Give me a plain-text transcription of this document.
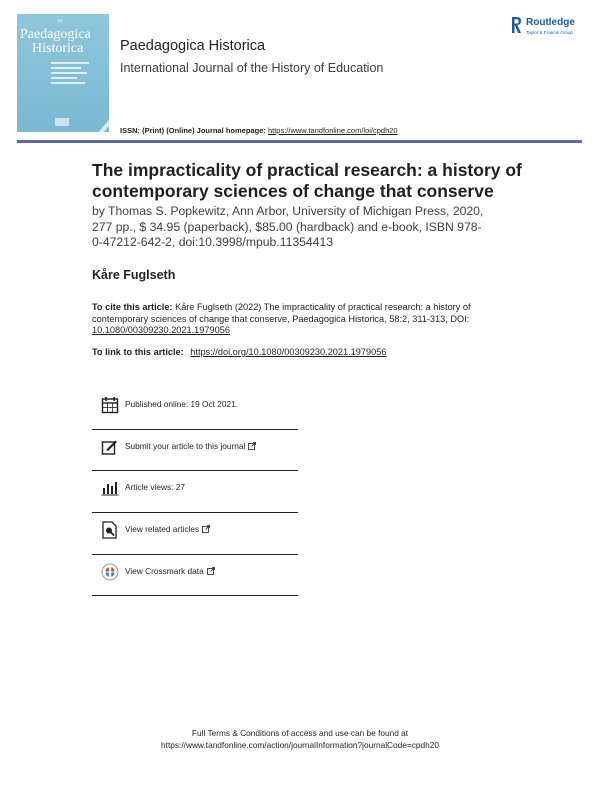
Vol.
Paedagogica
Historica	Paedagogica Historica
International Journal of the History of Education
ISSN: (Print) (Online) Journal homepage: https://www.tandfonline.com/loi/cpdh20
Routledge
Taylor & Francis Group
The impracticality of practical research: a history of contemporary sciences of change that conserve
by Thomas S. Popkewitz, Ann Arbor, University of Michigan Press, 2020, 277 pp., $ 34.95 (paperback), $85.00 (hardback) and e-book, ISBN 978-0-47212-642-2, doi:10.3998/mpub.11354413
Kåre Fuglseth
To cite this article: Kåre Fuglseth (2022) The impracticality of practical research: a history of contemporary sciences of change that conserve, Paedagogica Historica, 58:2, 311-313, DOI: 10.1080/00309230.2021.1979056
To link to this article: https://doi.org/10.1080/00309230.2021.1979056
Published online: 19 Oct 2021.
Submit your article to this journal
Article views: 27
View related articles
View Crossmark data
Full Terms & Conditions of access and use can be found at
https://www.tandfonline.com/action/journalInformation?journalCode=cpdh20
